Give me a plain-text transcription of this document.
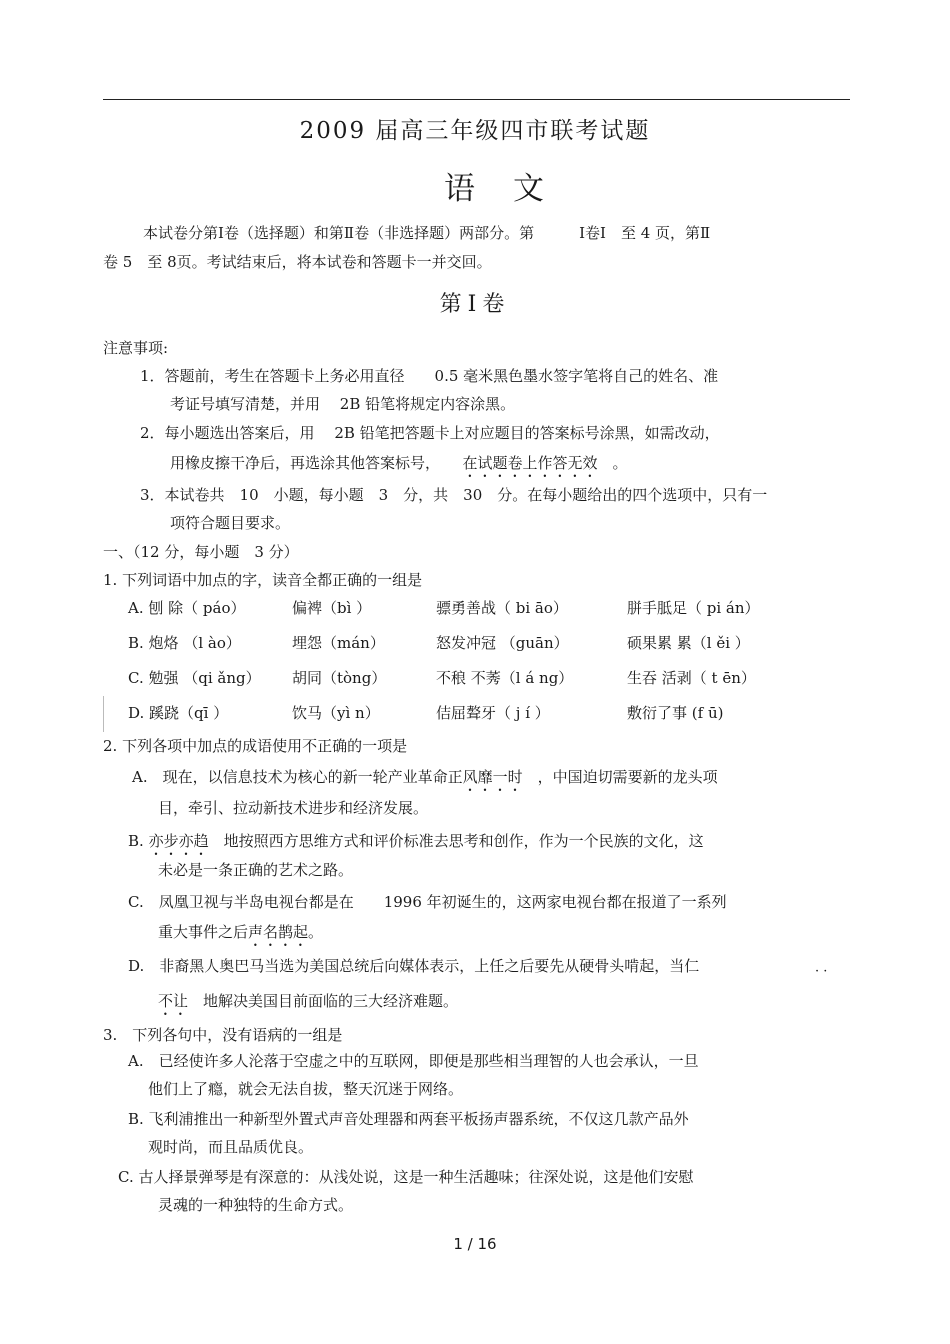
2009 届高三年级四市联考试题
语文
本试卷分第Ⅰ卷（选择题）和第Ⅱ卷（非选择题）两部分。第　　　Ⅰ卷Ⅰ　至 4 页，第Ⅱ
卷 5　至 8页。考试结束后，将本试卷和答题卡一并交回。
第Ⅰ卷
注意事项:
1．答题前，考生在答题卡上务必用直径　　0.5 毫米黑色墨水签字笔将自己的姓名、准
考证号填写清楚，并用　 2B 铅笔将规定内容涂黑。
2．每小题选出答案后，用　 2B 铅笔把答题卡上对应题目的答案标号涂黑，如需改动，
用橡皮擦干净后，再选涂其他答案标号，　　在试题卷上作答无效　。
3．本试卷共　10　小题，每小题　3　分，共　30　分。在每小题给出的四个选项中，只有一
项符合题目要求。
一、（12 分，每小题　3 分）
1. 下列词语中加点的字，读音全都正确的一组是
A. 刨 除（ páo）	偏裨（bì ）	骠勇善战（ bi āo）	胼手胝足（ pi án）
B. 炮烙 （l ào）	埋怨（mán）	怒发冲冠 （guān）	硕果累 累（l ěi ）
C. 勉强 （qi ǎng） 胡同（tòng）	不稂 不莠（l á ng）	生吞 活剥（ t ēn）
D. 蹊跷（qī ）	饮马（yì n）	佶屈聱牙（ j í ）	敷衍了事 (f ū)
2. 下列各项中加点的成语使用不正确的一项是
A.　现在，以信息技术为核心的新一轮产业革命正风靡一时　，中国迫切需要新的龙头项
目，牵引、拉动新技术进步和经济发展。
B. 亦步亦趋　地按照西方思维方式和评价标准去思考和创作，作为一个民族的文化，这
未必是一条正确的艺术之路。
C.　凤凰卫视与半岛电视台都是在　　1996 年初诞生的，这两家电视台都在报道了一系列
重大事件之后声名鹊起。
D.　非裔黑人奥巴马当选为美国总统后向媒体表示，上任之后要先从硬骨头啃起，当仁	· ·
不让　地解决美国目前面临的三大经济难题。
3.　下列各句中，没有语病的一组是
A.　已经使许多人沦落于空虚之中的互联网，即便是那些相当理智的人也会承认，一旦
他们上了瘾，就会无法自拔，整天沉迷于网络。
B. 飞利浦推出一种新型外置式声音处理器和两套平板扬声器系统，不仅这几款产品外
观时尚，而且品质优良。
C. 古人择景弹琴是有深意的：从浅处说，这是一种生活趣味；往深处说，这是他们安慰
灵魂的一种独特的生命方式。
1 / 16
